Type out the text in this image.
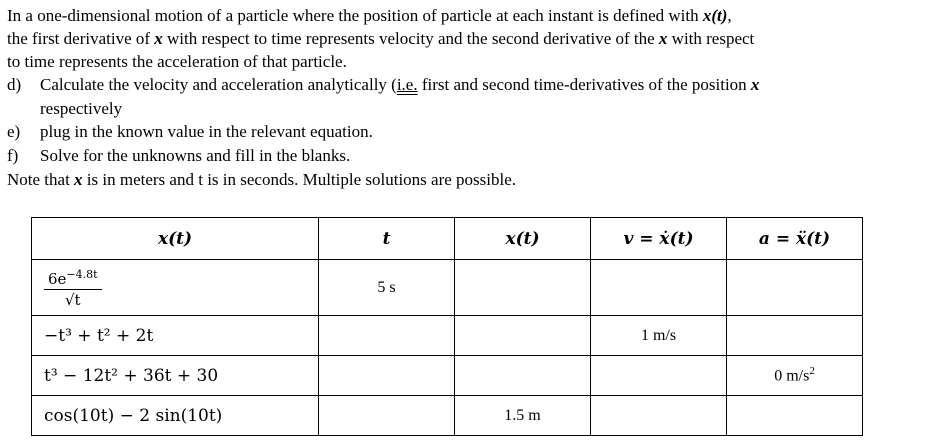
In a one-dimensional motion of a particle where the position of particle at each instant is defined with x(t),
the first derivative of x with respect to time represents velocity and the second derivative of the x with respect
to time represents the acceleration of that particle.
d) Calculate the velocity and acceleration analytically (i.e. first and second time-derivatives of the position x
respectively
e) plug in the known value in the relevant equation.
f) Solve for the unknowns and fill in the blanks.
Note that x is in meters and t is in seconds. Multiple solutions are possible.
x(t)	t	x(t)	v = ẋ(t)	a = ẍ(t)

$\frac{6e^{-4.8t}}{√t}$	5 s			
−t³ + t² + 2t			1 m/s	
t³ − 12t² + 36t + 30				0 $m/s^2$
cos(10t) − 2 sin(10t)		1.5 m		
